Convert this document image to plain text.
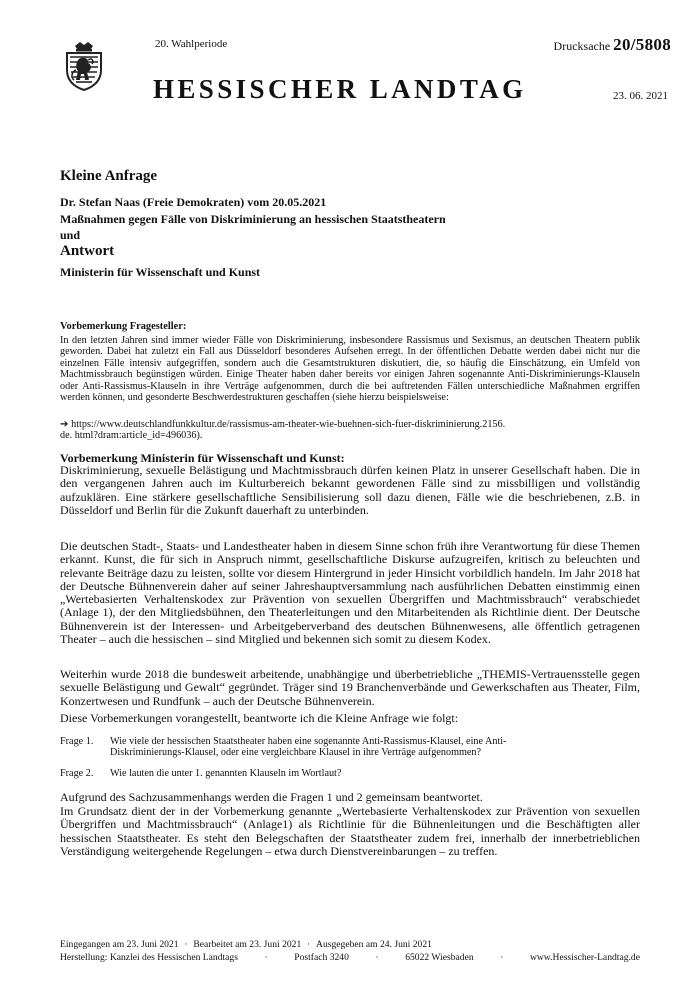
20. Wahlperiode	Drucksache 20/5808
HESSISCHER LANDTAG	23. 06. 2021
Kleine Anfrage
Dr. Stefan Naas (Freie Demokraten) vom 20.05.2021
Maßnahmen gegen Fälle von Diskriminierung an hessischen Staatstheatern
und
Antwort
Ministerin für Wissenschaft und Kunst
Vorbemerkung Fragesteller:
In den letzten Jahren sind immer wieder Fälle von Diskriminierung, insbesondere Rassismus und Sexismus, an deutschen Theatern publik geworden. Dabei hat zuletzt ein Fall aus Düsseldorf besonderes Aufsehen erregt. In der öffentlichen Debatte werden dabei nicht nur die einzelnen Fälle intensiv aufgegriffen, sondern auch die Gesamtstrukturen diskutiert, die, so häufig die Einschätzung, ein Umfeld von Machtmissbrauch begünstigen würden. Einige Theater haben daher bereits vor einigen Jahren sogenannte Anti-Diskriminierungs-Klauseln oder Anti-Rassismus-Klauseln in ihre Verträge aufgenommen, durch die bei auftretenden Fällen unterschiedliche Maßnahmen ergriffen werden können, und gesonderte Beschwerdestrukturen geschaffen (siehe hierzu beispielsweise:
➔ https://www.deutschlandfunkkultur.de/rassismus-am-theater-wie-buehnen-sich-fuer-diskriminierung.2156.
de. html?dram:article_id=496036).
Vorbemerkung Ministerin für Wissenschaft und Kunst:
Diskriminierung, sexuelle Belästigung und Machtmissbrauch dürfen keinen Platz in unserer Gesellschaft haben. Die in den vergangenen Jahren auch im Kulturbereich bekannt gewordenen Fälle sind zu missbilligen und vollständig aufzuklären. Eine stärkere gesellschaftliche Sensibilisierung soll dazu dienen, Fälle wie die beschriebenen, z.B. in Düsseldorf und Berlin für die Zukunft dauerhaft zu unterbinden.
Die deutschen Stadt-, Staats- und Landestheater haben in diesem Sinne schon früh ihre Verantwortung für diese Themen erkannt. Kunst, die für sich in Anspruch nimmt, gesellschaftliche Diskurse aufzugreifen, kritisch zu beleuchten und relevante Beiträge dazu zu leisten, sollte vor diesem Hintergrund in jeder Hinsicht vorbildlich handeln. Im Jahr 2018 hat der Deutsche Bühnenverein daher auf seiner Jahreshauptversammlung nach ausführlichen Debatten einstimmig einen „Wertebasierten Verhaltenskodex zur Prävention von sexuellen Übergriffen und Machtmissbrauch“ verabschiedet (Anlage 1), der den Mitgliedsbühnen, den Theaterleitungen und den Mitarbeitenden als Richtlinie dient. Der Deutsche Bühnenverein ist der Interessen- und Arbeitgeberverband des deutschen Bühnenwesens, alle öffentlich getragenen Theater – auch die hessischen – sind Mitglied und bekennen sich somit zu diesem Kodex.
Weiterhin wurde 2018 die bundesweit arbeitende, unabhängige und überbetriebliche „THEMIS-Vertrauensstelle gegen sexuelle Belästigung und Gewalt“ gegründet. Träger sind 19 Branchenverbände und Gewerkschaften aus Theater, Film, Konzertwesen und Rundfunk – auch der Deutsche Bühnenverein.
Diese Vorbemerkungen vorangestellt, beantworte ich die Kleine Anfrage wie folgt:
Frage 1. Wie viele der hessischen Staatstheater haben eine sogenannte Anti-Rassismus-Klausel, eine Anti-Diskriminierungs-Klausel, oder eine vergleichbare Klausel in ihre Verträge aufgenommen?
Frage 2. Wie lauten die unter 1. genannten Klauseln im Wortlaut?
Aufgrund des Sachzusammenhangs werden die Fragen 1 und 2 gemeinsam beantwortet.
Im Grundsatz dient der in der Vorbemerkung genannte „Wertebasierte Verhaltenskodex zur Prävention von sexuellen Übergriffen und Machtmissbrauch“ (Anlage1) als Richtlinie für die Bühnenleitungen und die Beschäftigten aller hessischen Staatstheater. Es steht den Belegschaften der Staatstheater zudem frei, innerhalb der innerbetrieblichen Verständigung weitergehende Regelungen – etwa durch Dienstvereinbarungen – zu treffen.
Eingegangen am 23. Juni 2021 · Bearbeitet am 23. Juni 2021 · Ausgegeben am 24. Juni 2021
Herstellung: Kanzlei des Hessischen Landtags	·	Postfach 3240	·	65022 Wiesbaden	·	www.Hessischer-Landtag.de
